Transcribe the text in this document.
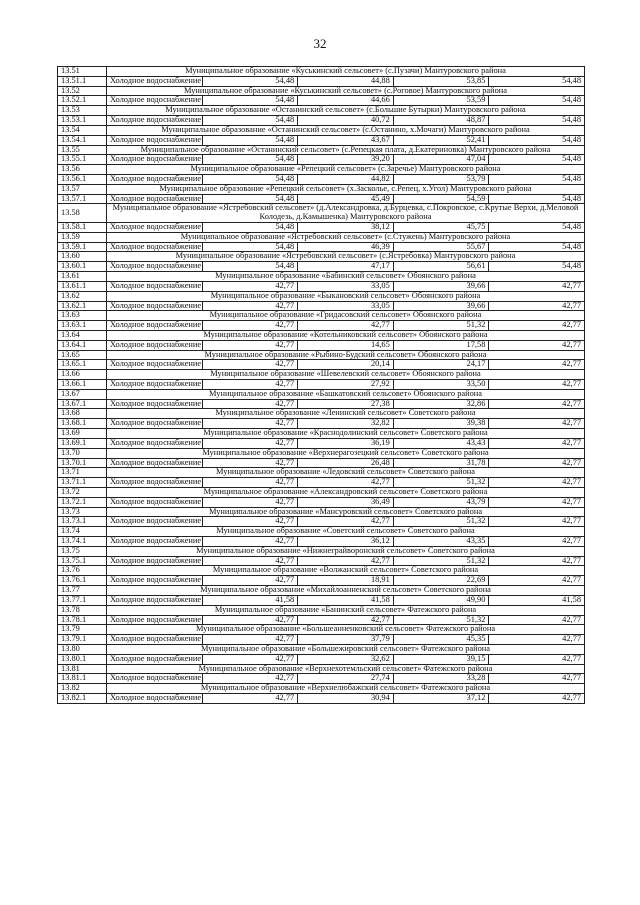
32
13.51	Муниципальное образование «Куськинский сельсовет» (с.Пузачи) Мантуровского района				
13.51.1	Холодное водоснабжение	54,48	44,88	53,85	54,48
13.52	Муниципальное образование «Куськинский сельсовет» (с.Роговое) Мантуровского района				
13.52.1	Холодное водоснабжение	54,48	44,66	53,59	54,48
13.53	Муниципальное образование «Останинский сельсовет» (с.Большие Бутырки) Мантуровского района				
13.53.1	Холодное водоснабжение	54,48	40,72	48,87	54,48
13.54	Муниципальное образование «Останинский сельсовет» (с.Останино, х.Мочаги) Мантуровского района				
13.54.1	Холодное водоснабжение	54,48	43,67	52,41	54,48
13.55	Муниципальное образование «Останинский сельсовет» (с.Репецкая плата, д.Екатериновка) Мантуровского района				
13.55.1	Холодное водоснабжение	54,48	39,20	47,04	54,48
13.56	Муниципальное образование «Репецкий сельсовет» (с.Заречье) Мантуровского района				
13.56.1	Холодное водоснабжение	54,48	44,82	53,79	54,48
13.57	Муниципальное образование «Репецкий сельсовет» (х.Засколье, с.Репец, х.Угол) Мантуровского района				
13.57.1	Холодное водоснабжение	54,48	45,49	54,59	54,48
13.58	Муниципальное образование «Ястребовский сельсовет» (д.Александровка, д.Бурцевка, с.Покровское, с.Крутые Верхи, д.Меловой Колодезь, д.Камышенка) Мантуровского района				
13.58.1	Холодное водоснабжение	54,48	38,12	45,75	54,48
13.59	Муниципальное образование «Ястребовский сельсовет» (с.Стужень) Мантуровского района				
13.59.1	Холодное водоснабжение	54,48	46,39	55,67	54,48
13.60	Муниципальное образование «Ястребовский сельсовет» (с.Ястребовка) Мантуровского района				
13.60.1	Холодное водоснабжение	54,48	47,17	56,61	54,48
13.61	Муниципальное образование «Бабинский сельсовет» Обоянского района				
13.61.1	Холодное водоснабжение	42,77	33,05	39,66	42,77
13.62	Муниципальное образование «Быкановский сельсовет» Обоянского района				
13.62.1	Холодное водоснабжение	42,77	33,05	39,66	42,77
13.63	Муниципальное образование «Гридасовский сельсовет» Обоянского района				
13.63.1	Холодное водоснабжение	42,77	42,77	51,32	42,77
13.64	Муниципальное образование «Котельниковский сельсовет» Обоянского района				
13.64.1	Холодное водоснабжение	42,77	14,65	17,58	42,77
13.65	Муниципальное образование «Рыбино-Будский сельсовет» Обоянского района				
13.65.1	Холодное водоснабжение	42,77	20,14	24,17	42,77
13.66	Муниципальное образование «Шевелевский сельсовет» Обоянского района				
13.66.1	Холодное водоснабжение	42,77	27,92	33,50	42,77
13.67	Муниципальное образование «Башкатовский сельсовет» Обоянского района				
13.67.1	Холодное водоснабжение	42,77	27,38	32,86	42,77
13.68	Муниципальное образование «Ленинский сельсовет» Советского района				
13.68.1	Холодное водоснабжение	42,77	32,82	39,38	42,77
13.69	Муниципальное образование «Краснодолинский сельсовет» Советского района				
13.69.1	Холодное водоснабжение	42,77	36,19	43,43	42,77
13.70	Муниципальное образование «Верхнерагозецкий сельсовет» Советского района				
13.70.1	Холодное водоснабжение	42,77	26,48	31,78	42,77
13.71	Муниципальное образование «Ледовский сельсовет» Советского района				
13.71.1	Холодное водоснабжение	42,77	42,77	51,32	42,77
13.72	Муниципальное образование «Александровский сельсовет» Советского района				
13.72.1	Холодное водоснабжение	42,77	36,49	43,79	42,77
13.73	Муниципальное образование «Мансуровский сельсовет» Советского района				
13.73.1	Холодное водоснабжение	42,77	42,77	51,32	42,77
13.74	Муниципальное образование «Советский сельсовет» Советского района				
13.74.1	Холодное водоснабжение	42,77	36,12	43,35	42,77
13.75	Муниципальное образование «Нижнеграйворонский сельсовет» Советского района				
13.75.1	Холодное водоснабжение	42,77	42,77	51,32	42,77
13.76	Муниципальное образование «Волжанский сельсовет» Советского района				
13.76.1	Холодное водоснабжение	42,77	18,91	22,69	42,77
13.77	Муниципальное образование «Михайлоанненский сельсовет» Советского района				
13.77.1	Холодное водоснабжение	41,58	41,58	49,90	41,58
13.78	Муниципальное образование «Банинский сельсовет» Фатежского района				
13.78.1	Холодное водоснабжение	42,77	42,77	51,32	42,77
13.79	Муниципальное образование «Большеанненковский сельсовет» Фатежского района				
13.79.1	Холодное водоснабжение	42,77	37,79	45,35	42,77
13.80	Муниципальное образование «Большежировский сельсовет» Фатежского района				
13.80.1	Холодное водоснабжение	42,77	32,62	39,15	42,77
13.81	Муниципальное образование «Верхнехотемльский сельсовет» Фатежского района				
13.81.1	Холодное водоснабжение	42,77	27,74	33,28	42,77
13.82	Муниципальное образование «Верхнелюбажский сельсовет» Фатежского района				
13.82.1	Холодное водоснабжение	42,77	30,94	37,12	42,77
